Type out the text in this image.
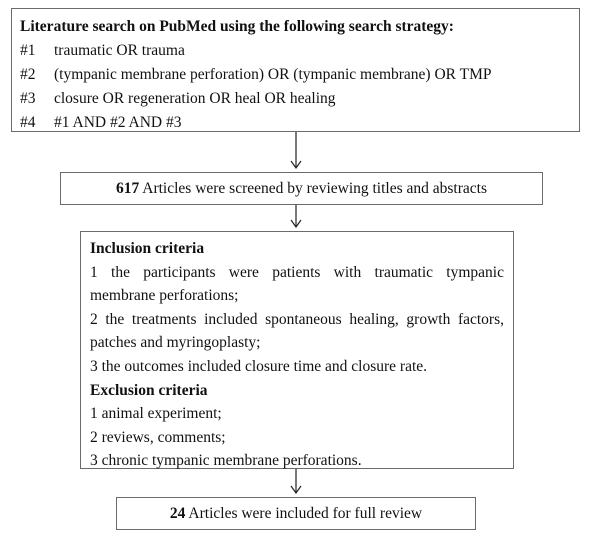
Literature search on PubMed using the following search strategy:
#1	traumatic OR trauma
#2	(tympanic membrane perforation) OR (tympanic membrane) OR TMP
#3	closure OR regeneration OR heal OR healing
#4	#1 AND #2 AND #3
617 Articles were screened by reviewing titles and abstracts
Inclusion criteria
1 the participants were patients with traumatic tympanic membrane perforations;
2 the treatments included spontaneous healing, growth factors, patches and myringoplasty;
3 the outcomes included closure time and closure rate.
Exclusion criteria
1 animal experiment;
2 reviews, comments;
3 chronic tympanic membrane perforations.
24 Articles were included for full review
